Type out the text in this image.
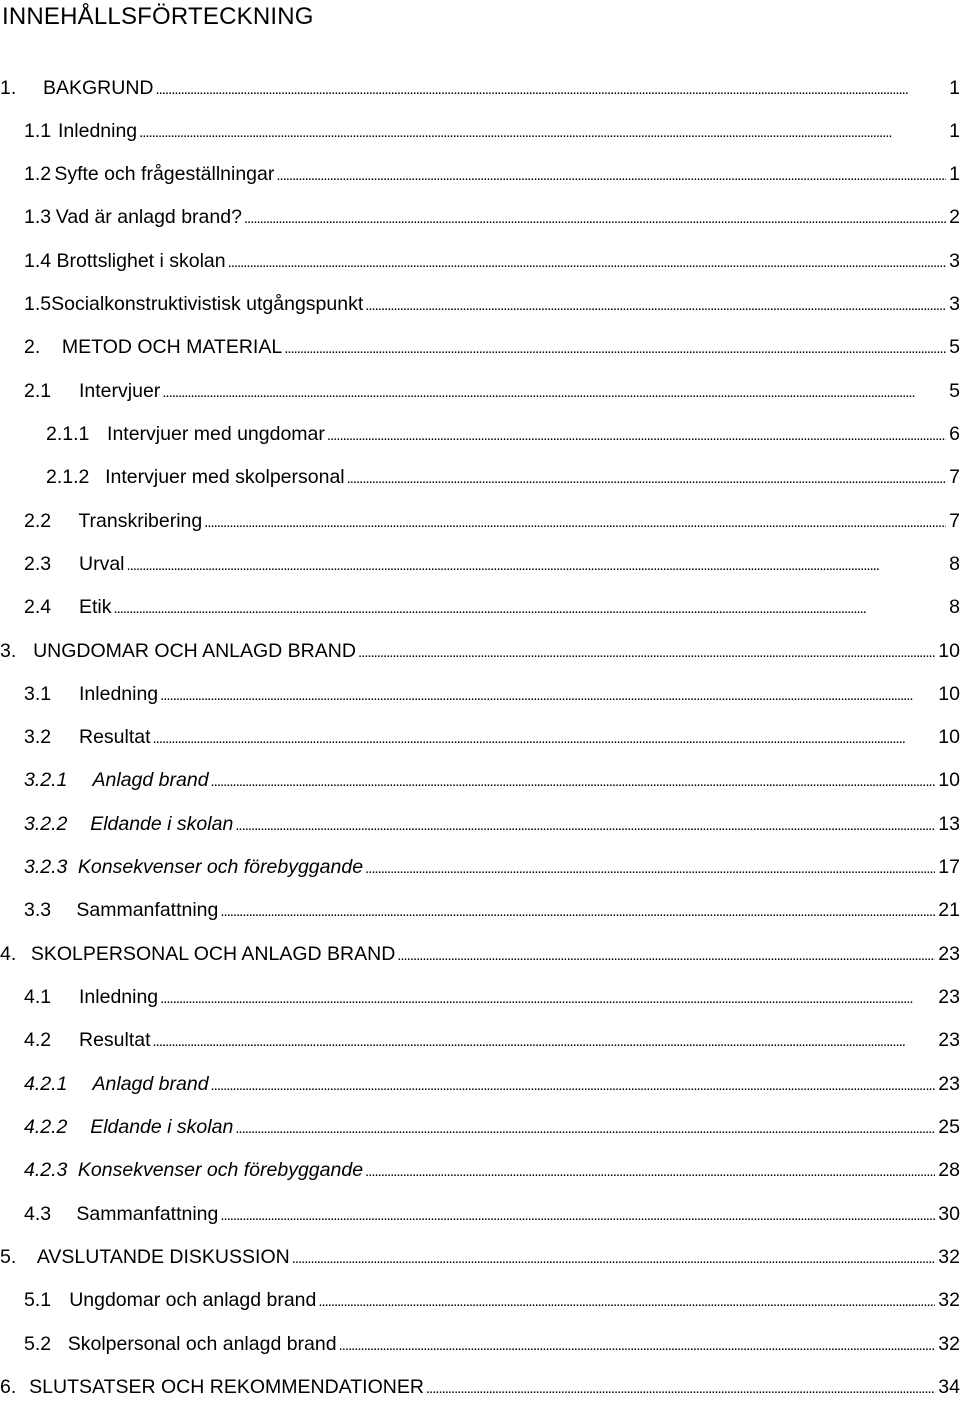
INNEHÅLLSFÖRTECKNING
1.	BAKGRUND . . .	1
1.1 Inledning . . .	1
1.2 Syfte och frågeställningar . . .	1
1.3 Vad är anlagd brand? . . .	2
1.4 Brottslighet i skolan . . .	3
1.5 Socialkonstruktivistisk utgångspunkt . . .	3
2.	METOD OCH MATERIAL . . .	5
2.1	Intervjuer . . .	5
2.1.1 Intervjuer med ungdomar . . .	6
2.1.2 Intervjuer med skolpersonal . . .	7
2.2	Transkribering . . .	7
2.3	Urval . . .	8
2.4	Etik . . .	8
3. UNGDOMAR OCH ANLAGD BRAND . . .	10
3.1	Inledning . . .	10
3.2	Resultat . . .	10
3.2.1	Anlagd brand . . .	10
3.2.2	Eldande i skolan . . .	13
3.2.3 Konsekvenser och förebyggande . . .	17
3.3	Sammanfattning . . .	21
4. SKOLPERSONAL OCH ANLAGD BRAND . . .	23
4.1	Inledning . . .	23
4.2	Resultat . . .	23
4.2.1	Anlagd brand . . .	23
4.2.2	Eldande i skolan . . .	25
4.2.3 Konsekvenser och förebyggande . . .	28
4.3	Sammanfattning . . .	30
5.	AVSLUTANDE DISKUSSION . . .	32
5.1 Ungdomar och anlagd brand . . .	32
5.2 Skolpersonal och anlagd brand . . .	32
6. SLUTSATSER OCH REKOMMENDATIONER . . .	34
